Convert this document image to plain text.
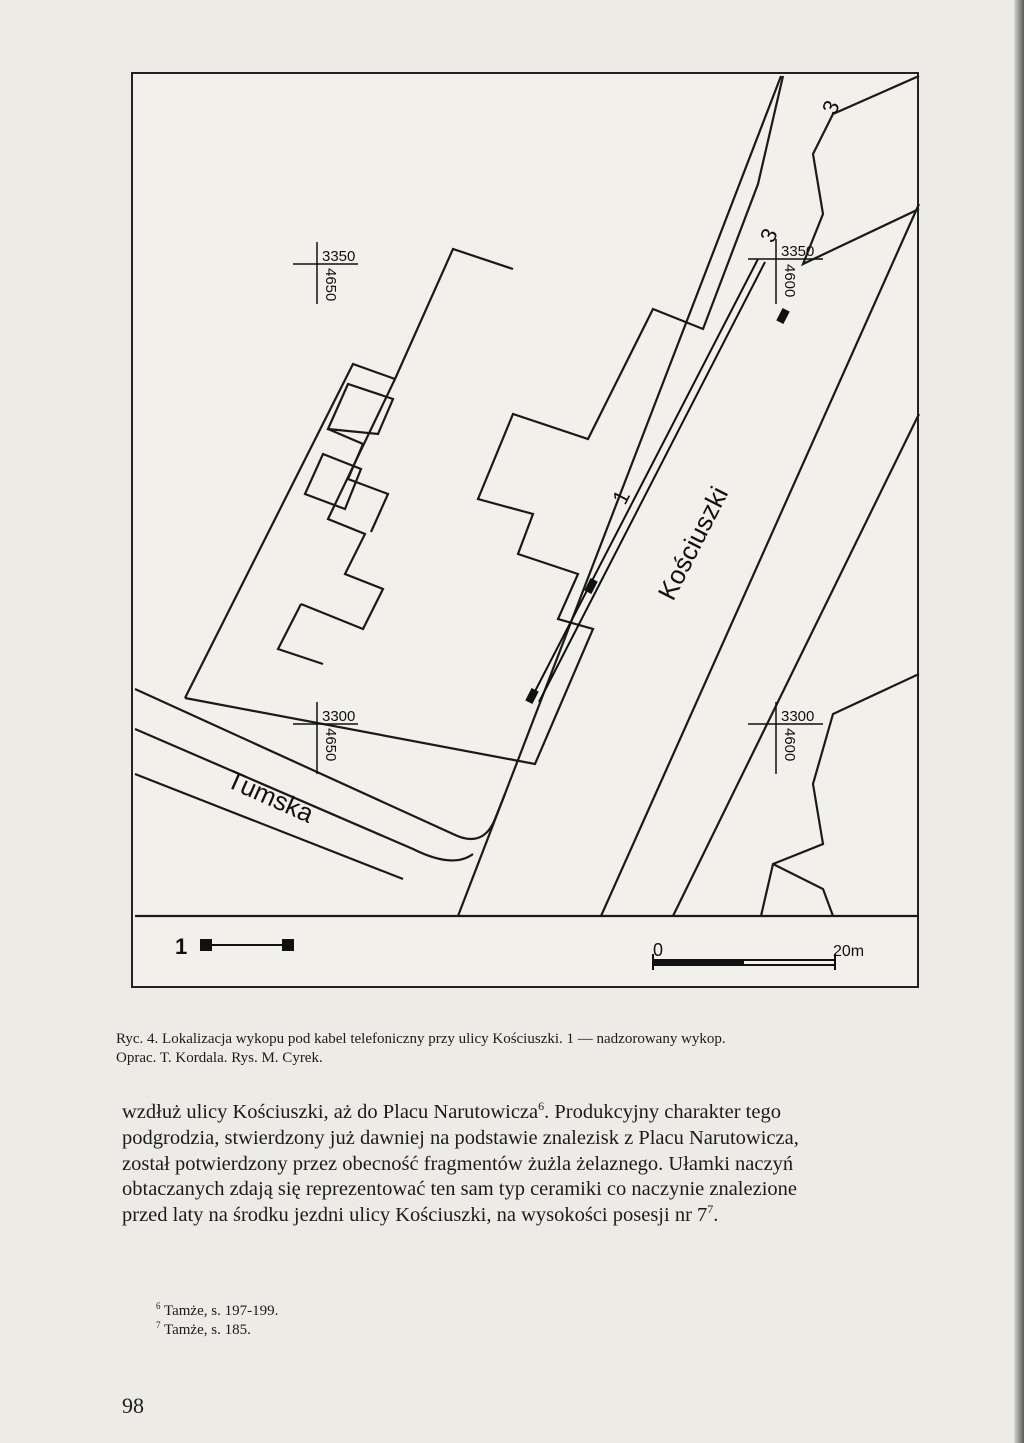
3350
4650
3350
4600
3300
4650
3300
4600
3
3
1 Kościuszki
Tumska
1	0	20m
Ryc. 4. Lokalizacja wykopu pod kabel telefoniczny przy ulicy Kościuszki. 1 — nadzorowany wykop.
Oprac. T. Kordala. Rys. M. Cyrek.
wzdłuż ulicy Kościuszki, aż do Placu Narutowicza$^6$. Produkcyjny charakter tego
podgrodzia, stwierdzony już dawniej na podstawie znalezisk z Placu Narutowicza,
został potwierdzony przez obecność fragmentów żużla żelaznego. Ułamki naczyń
obtaczanych zdają się reprezentować ten sam typ ceramiki co naczynie znalezione
przed laty na środku jezdni ulicy Kościuszki, na wysokości posesji nr $7^7$.
$^6$ Tamże, s. 197-199.
$^7$ Tamże, s. 185.
98
